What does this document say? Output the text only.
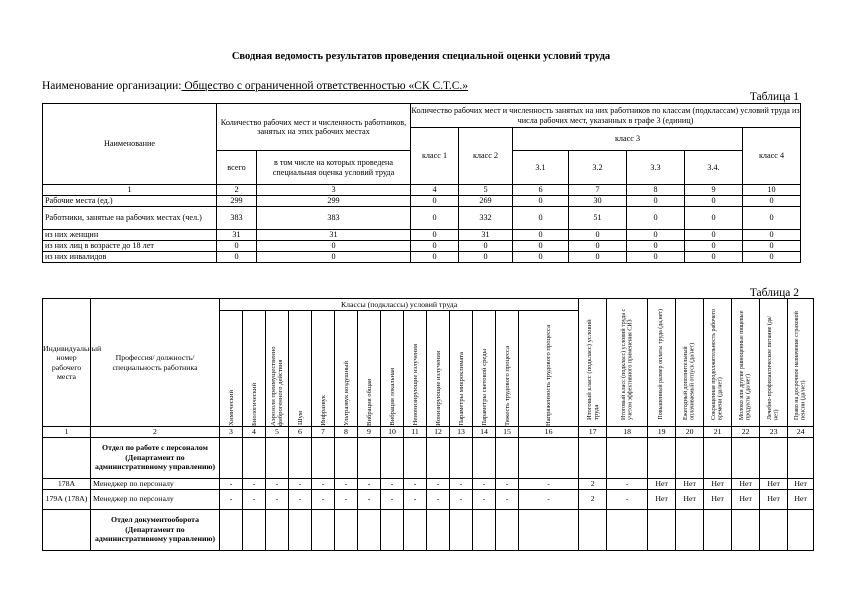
Сводная ведомость результатов проведения специальной оценки условий труда
Наименование организации: Общество с ограниченной ответственностью «СК С.Т.С.»
Таблица 1
Наименование	Количество рабочих мест и численность работников, занятых на этих рабочих местах		Количество рабочих мест и численность занятых на них работников по классам (подклассам) условий труда из числа рабочих мест, указанных в графе 3 (единиц)						
			класс 1	класс 2	класс 3				класс 4
	всего	в том числе на которых проведена специальная оценка условий труда			3.1	3.2	3.3	3.4.	
1	2	3	4	5	6	7	8	9	10
Рабочие места (ед.)	299	299	0	269	0	30	0	0	0
Работники, занятые на рабочих местах (чел.)	383	383	0	332	0	51	0	0	0
из них женщин	31	31	0	31	0	0	0	0	0
из них лиц в возрасте до 18 лет	0	0	0	0	0	0	0	0	0
из них инвалидов	0	0	0	0	0	0	0	0	0
Таблица 2
Индивидуальный номер рабочего места	Профессия/ должность/ специальность работника	Классы (подклассы) условий труда														Итоговый класс (подкласс) условий труда	Итоговый класс (подкласс) условий труда с учетом эффективного применения СИЗ	Повышенный размер оплаты труда (да,нет)	Ежегодный дополнительный оплачиваемый отпуск (да/нет)	Сокращенная продолжительность рабочего времени (да/нет)	Молоко или другие равноценные пищевые продукты (да/нет)	Лечебно-профилактическое питание (да/нет)	Право на досрочное назначение страховой пенсии (да/нет)

		Химический	Биологический	Аэрозоли преимущественно фиброгенного действия	Шум	Инфразвук	Ультразвук воздушный	Вибрация общая	Вибрация локальная	Неионизирующие излучения	Ионизирующие излучения	Параметры микроклимата	Параметры световой среды	Тяжесть трудового процесса	Напряженность трудового процесса								

1	2	3	4	5	6	7	8	9	10	11	12	13	14	15	16	17	18	19	20	21	22	23	24
	Отдел по работе с персоналом (Департамент по административному управлению)																						
178А	Менеджер по персоналу	-	-	-	-	-	-	-	-	-	-	-	-	-	-	2	-	Нет	Нет	Нет	Нет	Нет	Нет
179А (178А)	Менеджер по персоналу	-	-	-	-	-	-	-	-	-	-	-	-	-	-	2	-	Нет	Нет	Нет	Нет	Нет	Нет
	Отдел документооборота (Департамент по административному управлению)																						
